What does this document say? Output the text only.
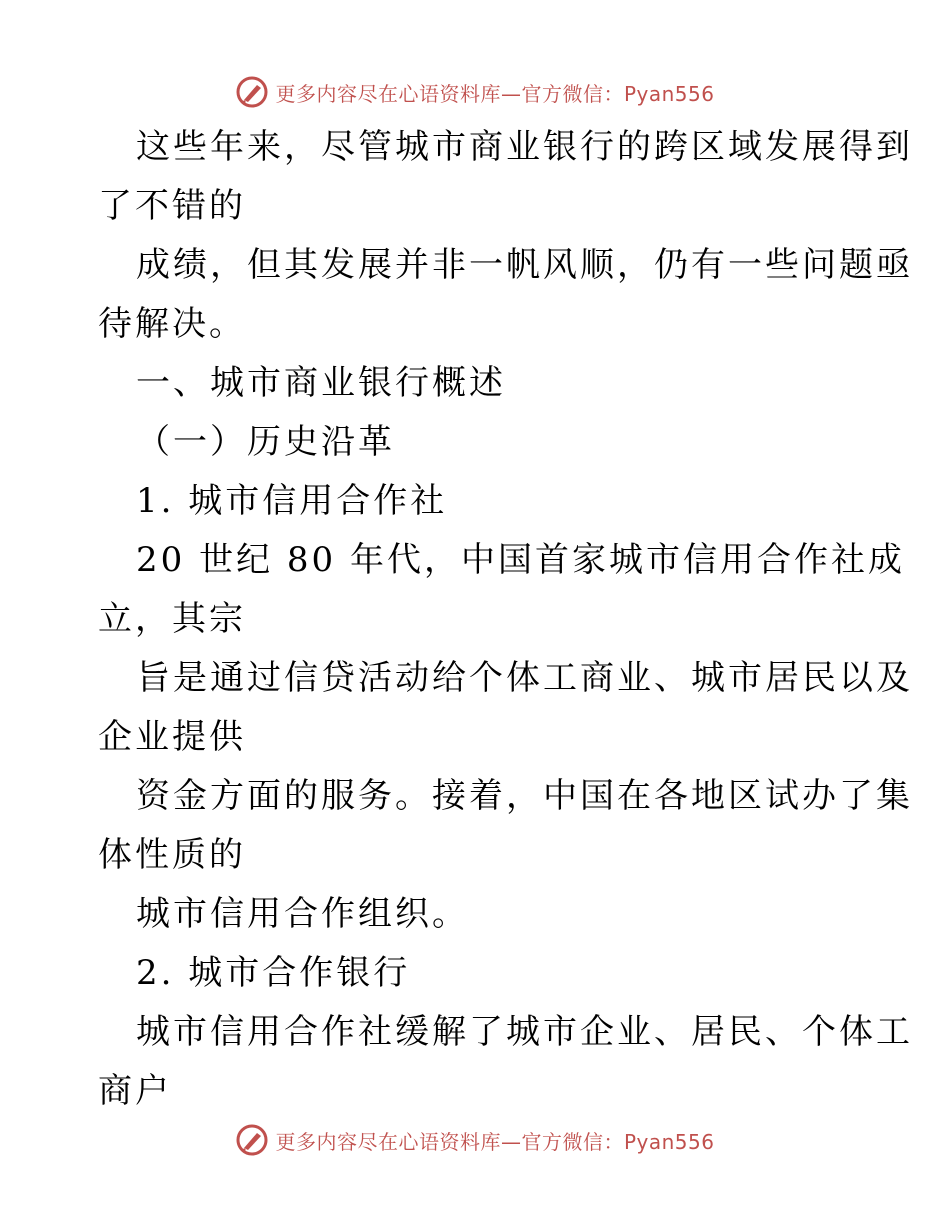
更多内容尽在心语资料库—官方微信：Pyan556

这些年来，尽管城市商业银行的跨区域发展得到

了不错的

成绩，但其发展并非一帆风顺，仍有一些问题亟

待解决。

一、城市商业银行概述

（一）历史沿革

1. 城市信用合作社

20 世纪 80 年代，中国首家城市信用合作社成

立，其宗

旨是通过信贷活动给个体工商业、城市居民以及

企业提供

资金方面的服务。接着，中国在各地区试办了集

体性质的

城市信用合作组织。

2. 城市合作银行

城市信用合作社缓解了城市企业、居民、个体工

商户

更多内容尽在心语资料库—官方微信：Pyan556
